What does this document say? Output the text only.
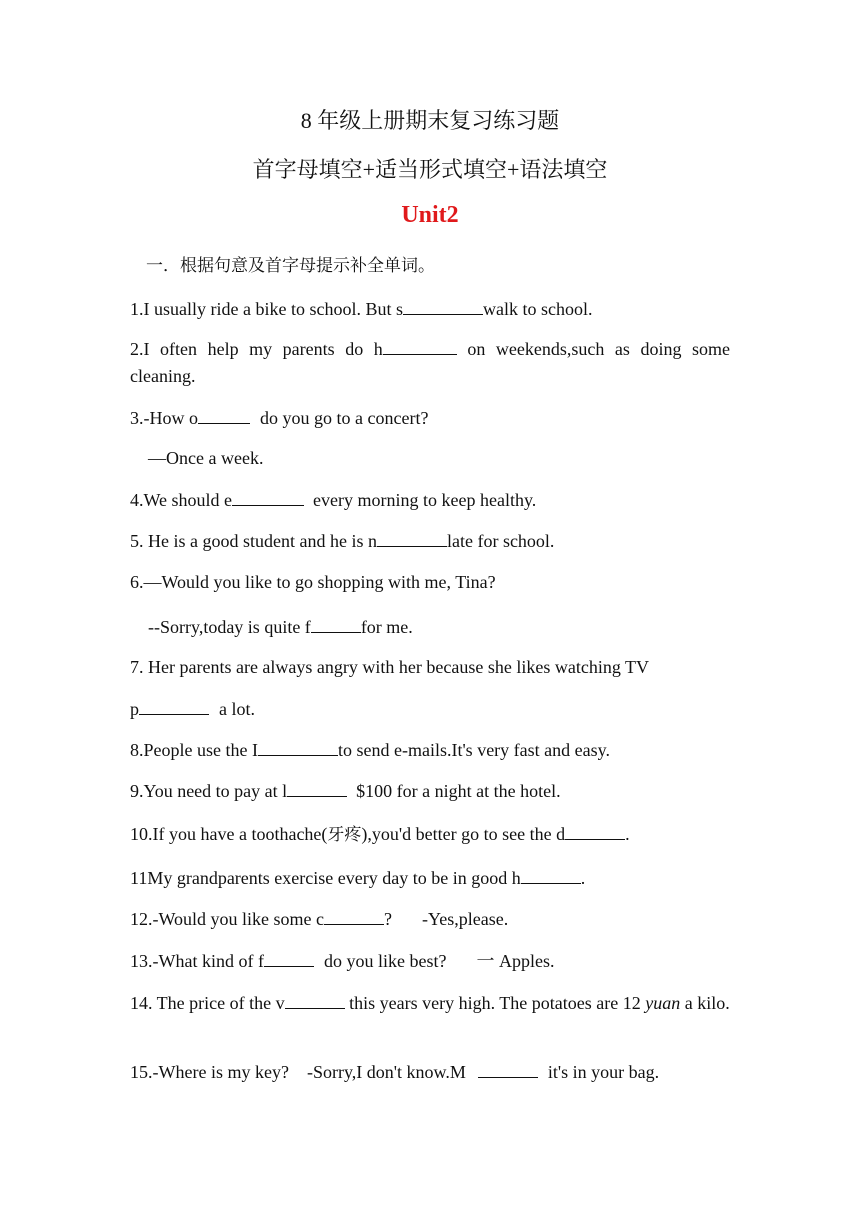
8 年级上册期末复习练习题
首字母填空+适当形式填空+语法填空
Unit2
一．根据句意及首字母提示补全单词。
1.I usually ride a bike to school. But s	walk to school.
2.I often help my parents do h	on weekends,such as doing some cleaning.
3.-How o	do you go to a concert?
—Once a week.
4.We should e	every morning to keep healthy.
5. He is a good student and he is n	late for school.
6.—Would you like to go shopping with me, Tina?
--Sorry,today is quite f	for me.
7. Her parents are always angry with her because she likes watching TV
p	a lot.
8.People use the I	to send e-mails.It's very fast and easy.
9.You need to pay at l	$100 for a night at the hotel.
10.If you have a toothache(牙疼),you'd better go to see the d	.
11My grandparents exercise every day to be in good h	.
12.-Would you like some c	? -Yes,please.
13.-What kind of f	do you like best? 一 Apples.
14. The price of the v	this years very high. The potatoes are 12 yuan a kilo.
15.-Where is my key? -Sorry,I don't know.M	it's in your bag.
